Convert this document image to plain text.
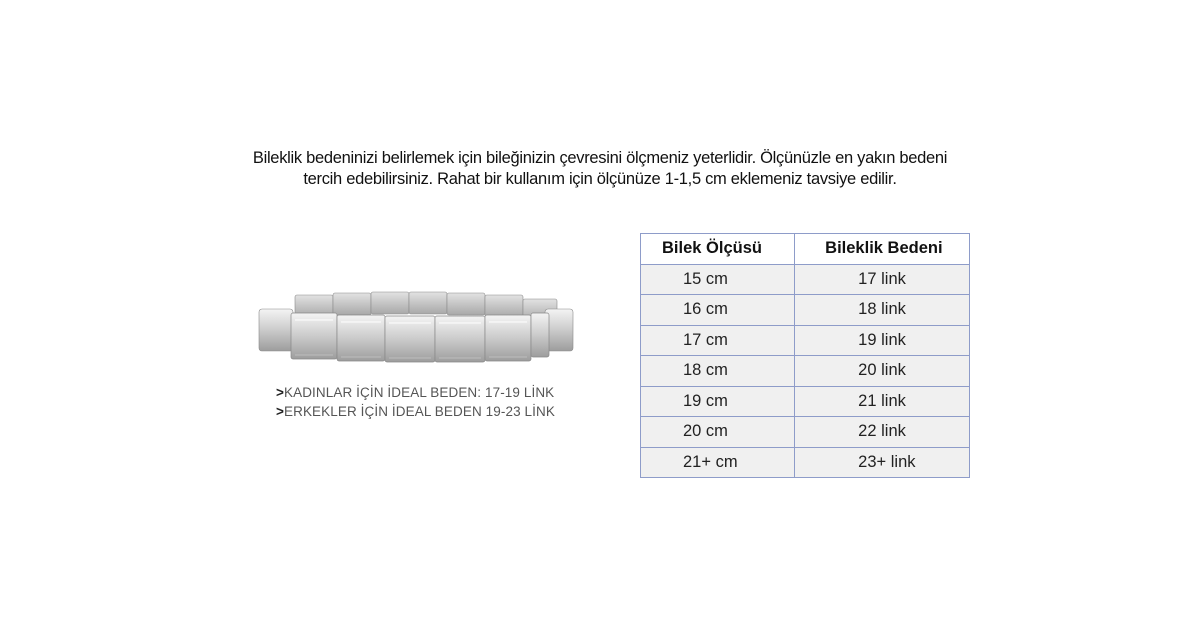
Bileklik bedeninizi belirlemek için bileğinizin çevresini ölçmeniz yeterlidir. Ölçünüzle en yakın bedeni

tercih edebilirsiniz. Rahat bir kullanım için ölçünüze 1-1,5 cm eklemeniz tavsiye edilir.

>KADINLAR İÇİN İDEAL BEDEN: 17-19 LİNK
>ERKEKLER İÇİN İDEAL BEDEN 19-23 LİNK
Bilek Ölçüsü	Bileklik Bedeni
15 cm	17 link
16 cm	18 link
17 cm	19 link
18 cm	20 link
19 cm	21 link
20 cm	22 link
21+ cm	23+ link
